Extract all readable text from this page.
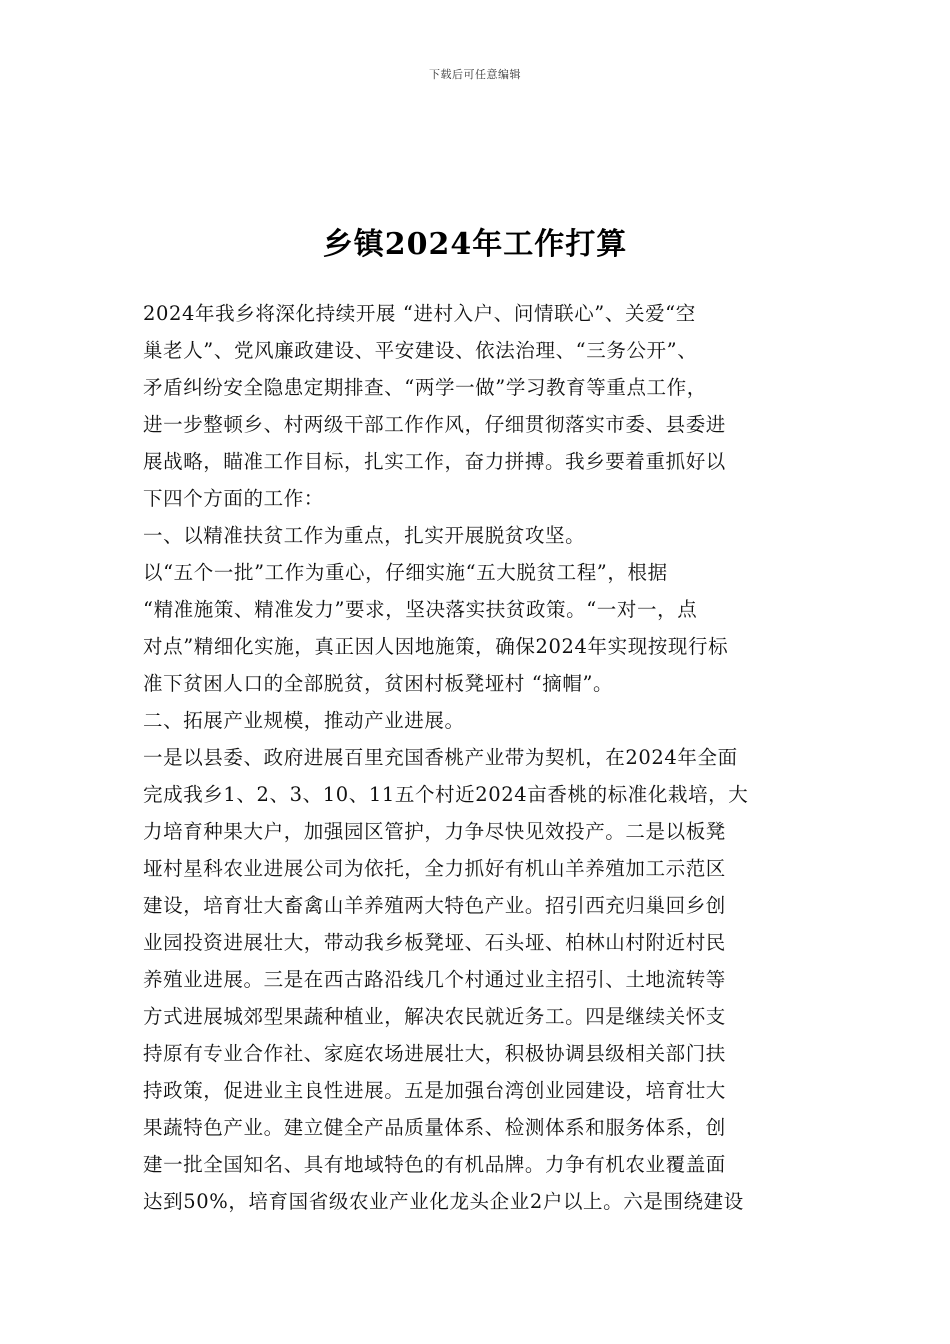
下载后可任意编辑
乡镇2024年工作打算
2024年我乡将深化持续开展 “进村入户、问情联心”、关爱“空
巢老人”、党风廉政建设、平安建设、依法治理、“三务公开”、
矛盾纠纷安全隐患定期排查、“两学一做”学习教育等重点工作，
进一步整顿乡、村两级干部工作作风，仔细贯彻落实市委、县委进
展战略，瞄准工作目标，扎实工作，奋力拼搏。我乡要着重抓好以
下四个方面的工作：
一、以精准扶贫工作为重点，扎实开展脱贫攻坚。
以“五个一批”工作为重心，仔细实施“五大脱贫工程”，根据
“精准施策、精准发力”要求，坚决落实扶贫政策。“一对一，点
对点”精细化实施，真正因人因地施策，确保2024年实现按现行标
准下贫困人口的全部脱贫，贫困村板凳垭村 “摘帽”。
二、拓展产业规模，推动产业进展。
一是以县委、政府进展百里充国香桃产业带为契机，在2024年全面
完成我乡1、2、3、10、11五个村近2024亩香桃的标准化栽培，大
力培育种果大户，加强园区管护，力争尽快见效投产。二是以板凳
垭村星科农业进展公司为依托，全力抓好有机山羊养殖加工示范区
建设，培育壮大畜禽山羊养殖两大特色产业。招引西充归巢回乡创
业园投资进展壮大，带动我乡板凳垭、石头垭、柏林山村附近村民
养殖业进展。三是在西古路沿线几个村通过业主招引、土地流转等
方式进展城郊型果蔬种植业，解决农民就近务工。四是继续关怀支
持原有专业合作社、家庭农场进展壮大，积极协调县级相关部门扶
持政策，促进业主良性进展。五是加强台湾创业园建设，培育壮大
果蔬特色产业。建立健全产品质量体系、检测体系和服务体系，创
建一批全国知名、具有地域特色的有机品牌。力争有机农业覆盖面
达到50%，培育国省级农业产业化龙头企业2户以上。六是围绕建设
